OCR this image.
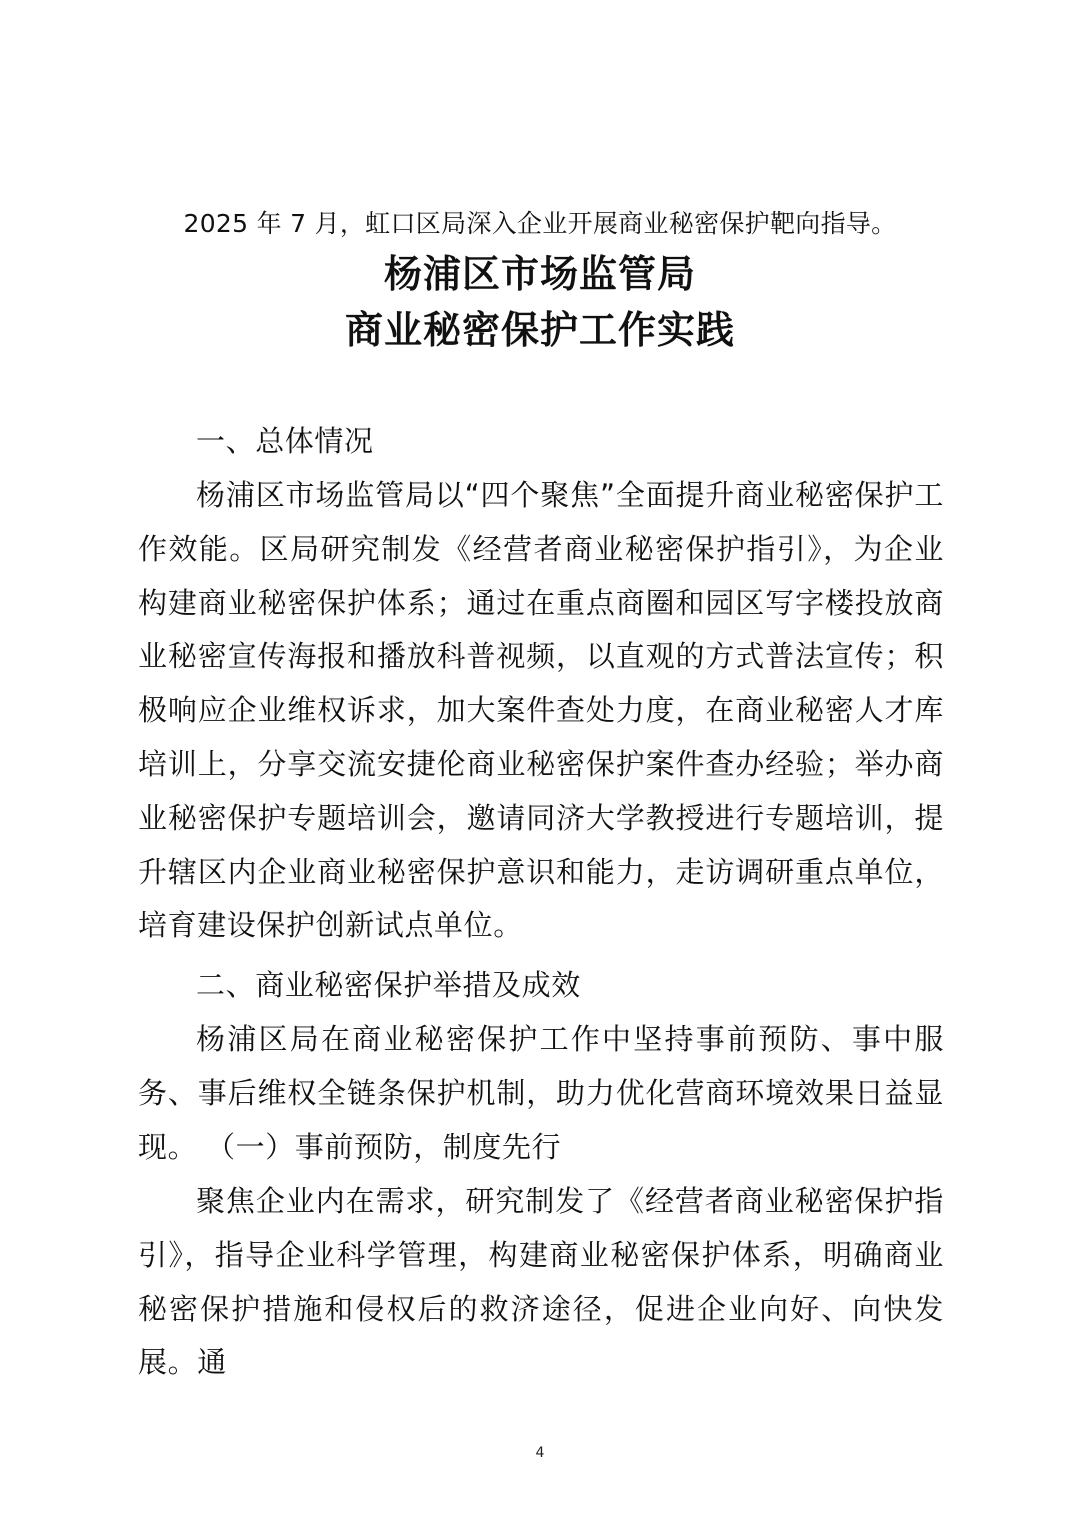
2025 年 7 月，虹口区局深入企业开展商业秘密保护靶向指导。
杨浦区市场监管局
商业秘密保护工作实践
一、总体情况
杨浦区市场监管局以“四个聚焦”全面提升商业秘密保护工作效能。区局研究制发《经营者商业秘密保护指引》，为企业构建商业秘密保护体系；通过在重点商圈和园区写字楼投放商业秘密宣传海报和播放科普视频，以直观的方式普法宣传；积极响应企业维权诉求，加大案件查处力度，在商业秘密人才库培训上，分享交流安捷伦商业秘密保护案件查办经验；举办商业秘密保护专题培训会，邀请同济大学教授进行专题培训，提升辖区内企业商业秘密保护意识和能力，走访调研重点单位，培育建设保护创新试点单位。
二、商业秘密保护举措及成效
杨浦区局在商业秘密保护工作中坚持事前预防、事中服务、事后维权全链条保护机制，助力优化营商环境效果日益显现。 （一）事前预防，制度先行
聚焦企业内在需求，研究制发了《经营者商业秘密保护指引》，指导企业科学管理，构建商业秘密保护体系，明确商业秘密保护措施和侵权后的救济途径，促进企业向好、向快发展。通
4
